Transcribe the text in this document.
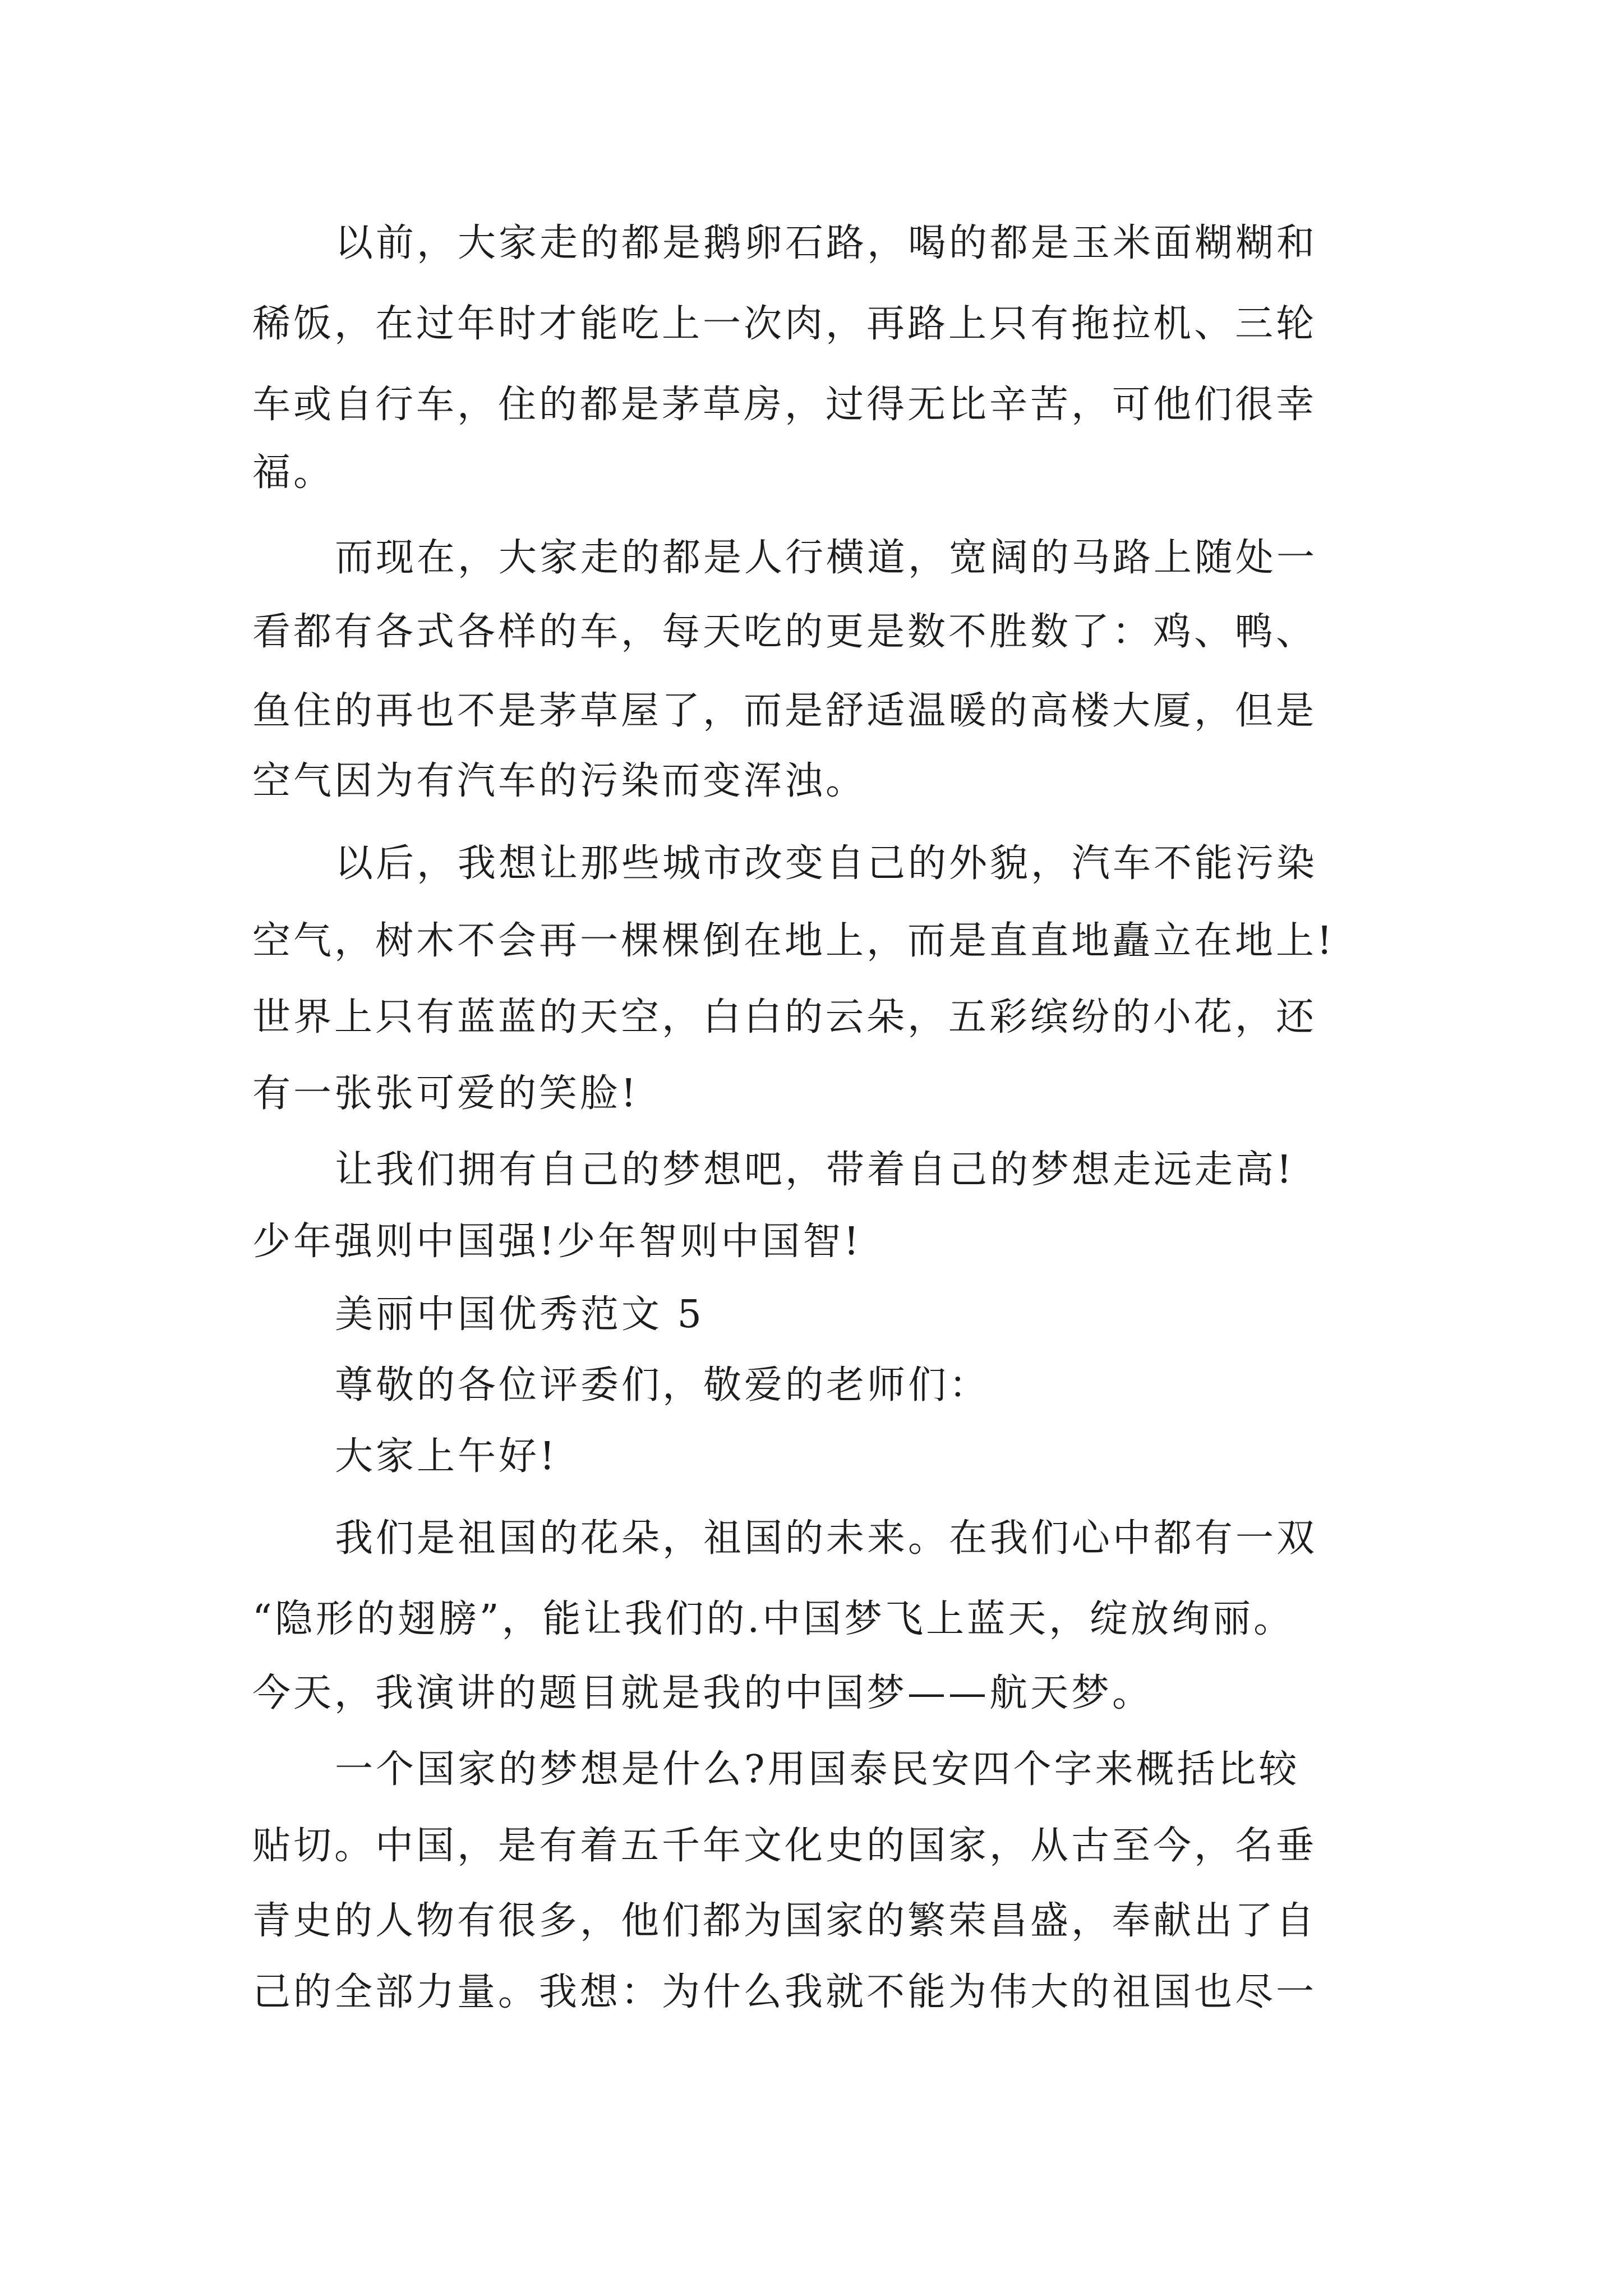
以前，大家走的都是鹅卵石路，喝的都是玉米面糊糊和

稀饭，在过年时才能吃上一次肉，再路上只有拖拉机、三轮

车或自行车，住的都是茅草房，过得无比辛苦，可他们很幸

福。

而现在，大家走的都是人行横道，宽阔的马路上随处一

看都有各式各样的车，每天吃的更是数不胜数了：鸡、鸭、

鱼住的再也不是茅草屋了，而是舒适温暖的高楼大厦，但是

空气因为有汽车的污染而变浑浊。

以后，我想让那些城市改变自己的外貌，汽车不能污染

空气，树木不会再一棵棵倒在地上，而是直直地矗立在地上!

世界上只有蓝蓝的天空，白白的云朵，五彩缤纷的小花，还

有一张张可爱的笑脸!

让我们拥有自己的梦想吧，带着自己的梦想走远走高!

少年强则中国强!少年智则中国智!

美丽中国优秀范文 5

尊敬的各位评委们，敬爱的老师们：

大家上午好!

我们是祖国的花朵，祖国的未来。在我们心中都有一双

“隐形的翅膀”，能让我们的.中国梦飞上蓝天，绽放绚丽。

今天，我演讲的题目就是我的中国梦——航天梦。

一个国家的梦想是什么?用国泰民安四个字来概括比较

贴切。中国，是有着五千年文化史的国家，从古至今，名垂

青史的人物有很多，他们都为国家的繁荣昌盛，奉献出了自

己的全部力量。我想：为什么我就不能为伟大的祖国也尽一
